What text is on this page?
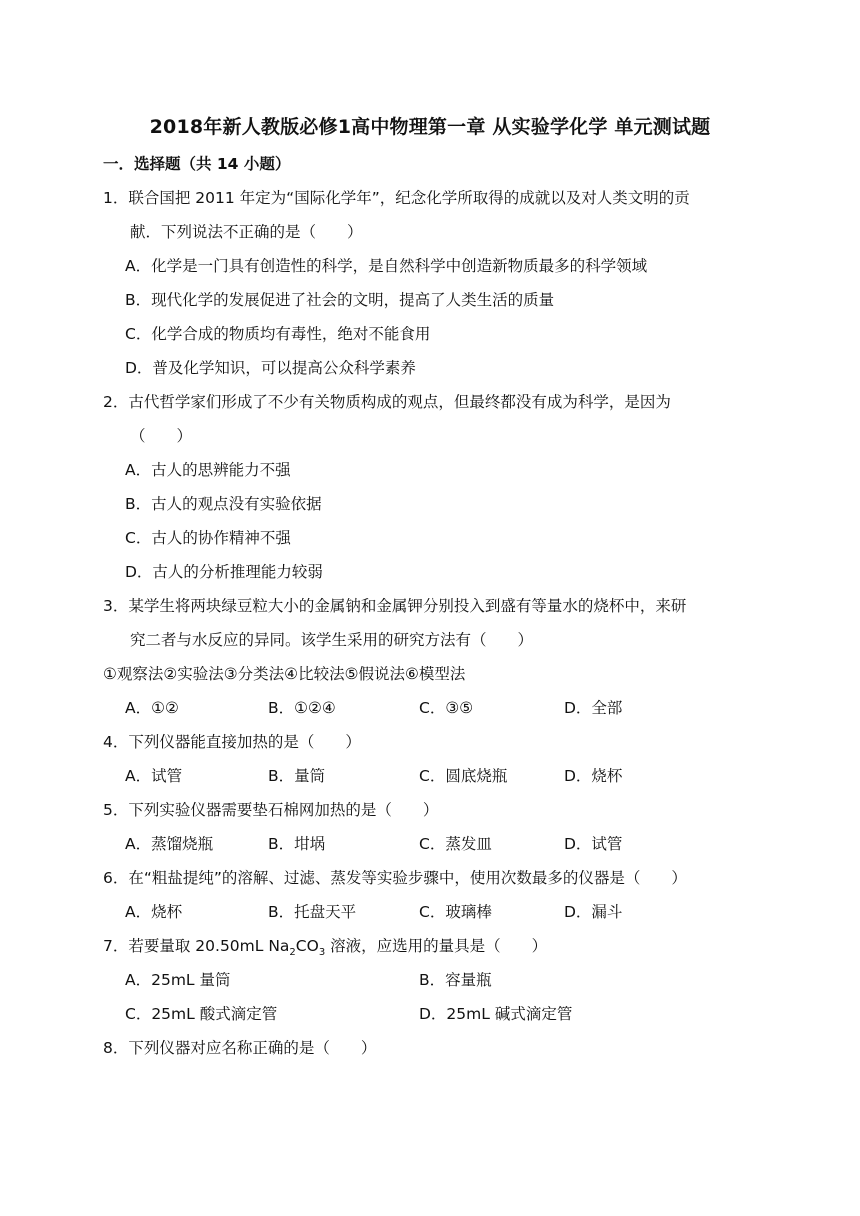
2018年新人教版必修1高中物理第一章 从实验学化学 单元测试题
一．选择题（共 14 小题）
1．联合国把 2011 年定为“国际化学年”，纪念化学所取得的成就以及对人类文明的贡
献．下列说法不正确的是（　　）
A．化学是一门具有创造性的科学，是自然科学中创造新物质最多的科学领域
B．现代化学的发展促进了社会的文明，提高了人类生活的质量
C．化学合成的物质均有毒性，绝对不能食用
D．普及化学知识，可以提高公众科学素养
2．古代哲学家们形成了不少有关物质构成的观点，但最终都没有成为科学，是因为
（　　）
A．古人的思辨能力不强
B．古人的观点没有实验依据
C．古人的协作精神不强
D．古人的分析推理能力较弱
3．某学生将两块绿豆粒大小的金属钠和金属钾分别投入到盛有等量水的烧杯中，来研
究二者与水反应的异同。该学生采用的研究方法有（　　）
①观察法②实验法③分类法④比较法⑤假说法⑥模型法
A．①②	B．①②④	C．③⑤	D．全部
4．下列仪器能直接加热的是（　　）
A．试管	B．量筒	C．圆底烧瓶	D．烧杯
5．下列实验仪器需要垫石棉网加热的是（　　）
A．蒸馏烧瓶	B．坩埚	C．蒸发皿	D．试管
6．在“粗盐提纯”的溶解、过滤、蒸发等实验步骤中，使用次数最多的仪器是（　　）
A．烧杯	B．托盘天平	C．玻璃棒	D．漏斗
7．若要量取 20.50mL $Na_2CO_3$ 溶液，应选用的量具是（　　）
A．25mL 量筒	B．容量瓶
C．25mL 酸式滴定管	D．25mL 碱式滴定管
8．下列仪器对应名称正确的是（　　）
